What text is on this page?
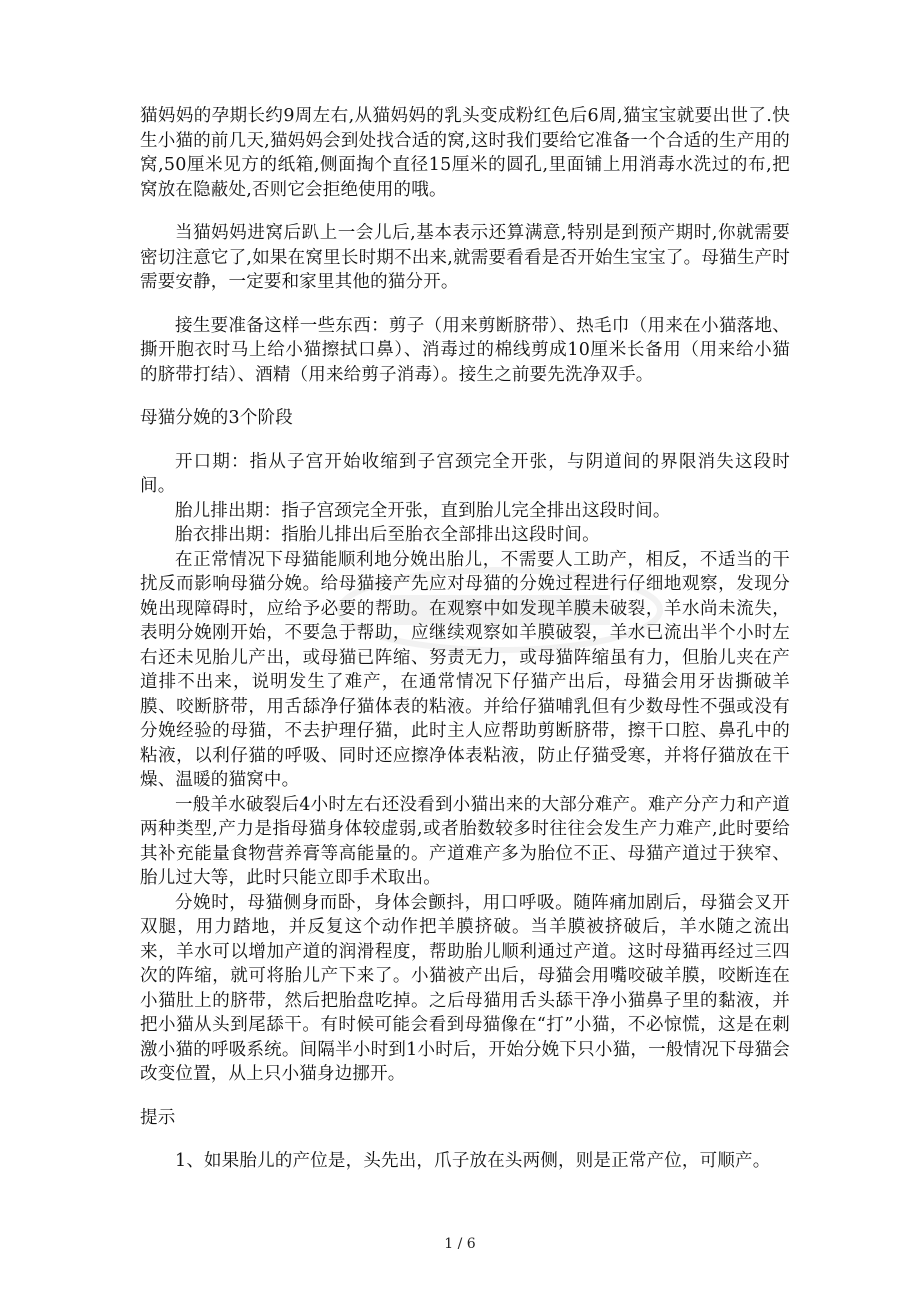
猫妈妈的孕期长约9周左右,从猫妈妈的乳头变成粉红色后6周,猫宝宝就要出世了.快生小猫的前几天,猫妈妈会到处找合适的窝,这时我们要给它准备一个合适的生产用的窝,50厘米见方的纸箱,侧面掏个直径15厘米的圆孔,里面铺上用消毒水洗过的布,把窝放在隐蔽处,否则它会拒绝使用的哦。

当猫妈妈进窝后趴上一会儿后,基本表示还算满意,特别是到预产期时,你就需要密切注意它了,如果在窝里长时期不出来,就需要看看是否开始生宝宝了。母猫生产时需要安静，一定要和家里其他的猫分开。

接生要准备这样一些东西：剪子（用来剪断脐带）、热毛巾（用来在小猫落地、撕开胞衣时马上给小猫擦拭口鼻）、消毒过的棉线剪成10厘米长备用（用来给小猫的脐带打结）、酒精（用来给剪子消毒）。接生之前要先洗净双手。

母猫分娩的3个阶段

开口期：指从子宫开始收缩到子宫颈完全开张，与阴道间的界限消失这段时间。

胎儿排出期：指子宫颈完全开张，直到胎儿完全排出这段时间。

胎衣排出期：指胎儿排出后至胎衣全部排出这段时间。

在正常情况下母猫能顺利地分娩出胎儿，不需要人工助产，相反，不适当的干扰反而影响母猫分娩。给母猫接产先应对母猫的分娩过程进行仔细地观察，发现分娩出现障碍时，应给予必要的帮助。在观察中如发现羊膜未破裂，羊水尚未流失，表明分娩刚开始，不要急于帮助，应继续观察如羊膜破裂，羊水已流出半个小时左右还未见胎儿产出，或母猫已阵缩、努责无力，或母猫阵缩虽有力，但胎儿夹在产道排不出来，说明发生了难产，在通常情况下仔猫产出后，母猫会用牙齿撕破羊膜、咬断脐带，用舌舔净仔猫体表的粘液。并给仔猫哺乳但有少数母性不强或没有分娩经验的母猫，不去护理仔猫，此时主人应帮助剪断脐带，擦干口腔、鼻孔中的粘液，以利仔猫的呼吸、同时还应擦净体表粘液，防止仔猫受寒，并将仔猫放在干燥、温暖的猫窝中。

一般羊水破裂后4小时左右还没看到小猫出来的大部分难产。难产分产力和产道两种类型,产力是指母猫身体较虚弱,或者胎数较多时往往会发生产力难产,此时要给其补充能量食物营养膏等高能量的。产道难产多为胎位不正、母猫产道过于狭窄、胎儿过大等，此时只能立即手术取出。

分娩时，母猫侧身而卧，身体会颤抖，用口呼吸。随阵痛加剧后，母猫会叉开双腿，用力踏地，并反复这个动作把羊膜挤破。当羊膜被挤破后，羊水随之流出来，羊水可以增加产道的润滑程度，帮助胎儿顺利通过产道。这时母猫再经过三四次的阵缩，就可将胎儿产下来了。小猫被产出后，母猫会用嘴咬破羊膜，咬断连在小猫肚上的脐带，然后把胎盘吃掉。之后母猫用舌头舔干净小猫鼻子里的黏液，并把小猫从头到尾舔干。有时候可能会看到母猫像在“打”小猫，不必惊慌，这是在刺激小猫的呼吸系统。间隔半小时到1小时后，开始分娩下只小猫，一般情况下母猫会改变位置，从上只小猫身边挪开。

提示

1、如果胎儿的产位是，头先出，爪子放在头两侧，则是正常产位，可顺产。

1 / 6
